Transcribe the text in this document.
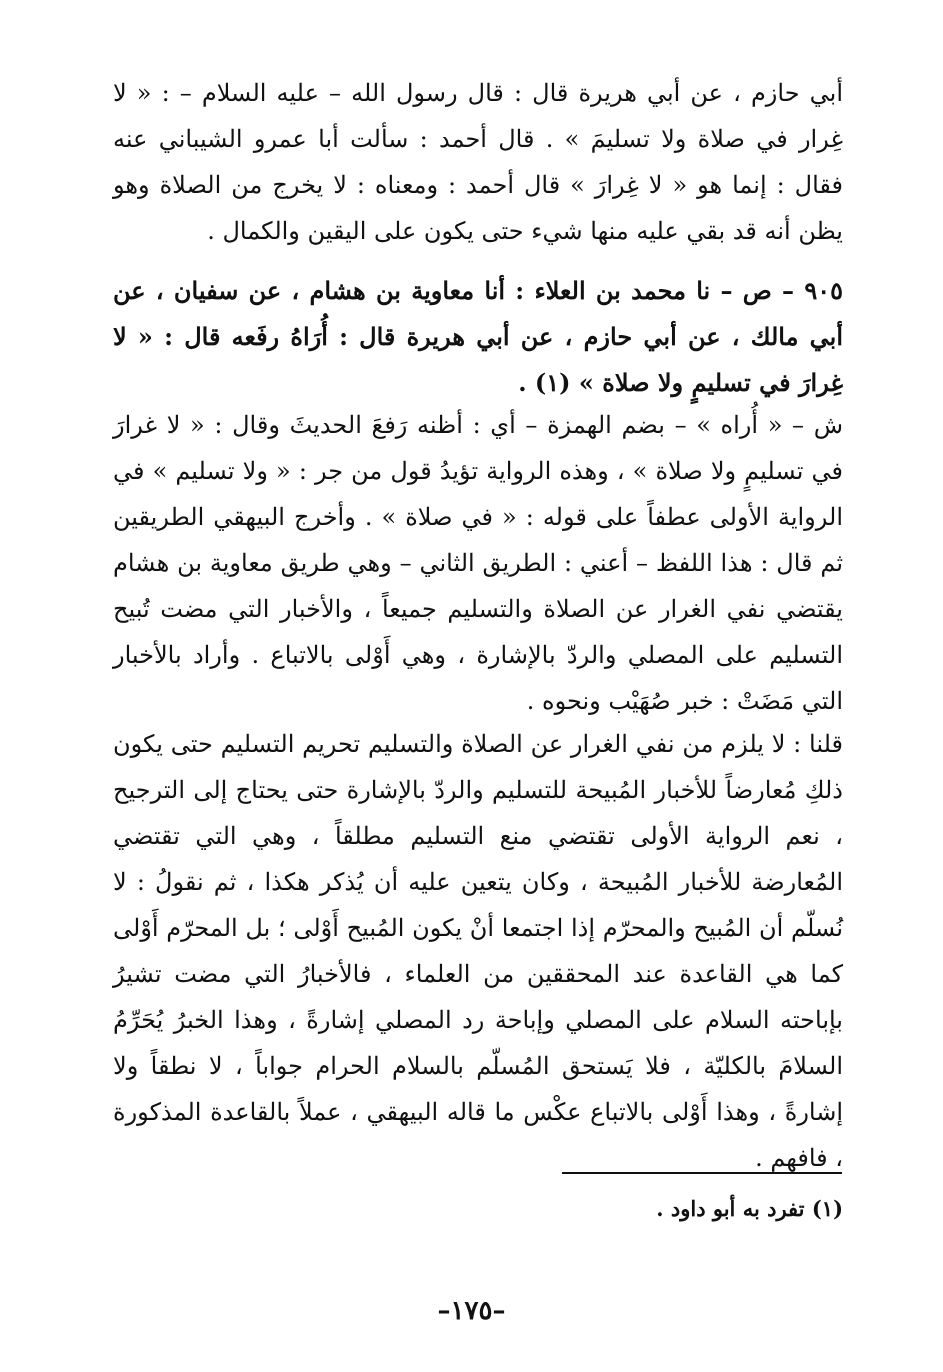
أبي حازم ، عن أبي هريرة قال : قال رسول الله – عليه السلام – : « لا غِرار في صلاة ولا تسليمَ » . قال أحمد : سألت أبا عمرو الشيباني عنه فقال : إنما هو « لا غِرارَ » قال أحمد : ومعناه : لا يخرج من الصلاة وهو يظن أنه قد بقي عليه منها شيء حتى يكون على اليقين والكمال .

٩٠٥ – ص – نا محمد بن العلاء : أنا معاوية بن هشام ، عن سفيان ، عن أبي مالك ، عن أبي حازم ، عن أبي هريرة قال : أُرَاهُ رفَعه قال : « لا غِرارَ في تسليمٍ ولا صلاة » (١) .

ش – « أُراه » – بضم الهمزة – أي : أظنه رَفعَ الحديثَ وقال : « لا غرارَ في تسليمٍ ولا صلاة » ، وهذه الرواية تؤيدُ قول من جر : « ولا تسليم » في الرواية الأولى عطفاً على قوله : « في صلاة » . وأخرج البيهقي الطريقين ثم قال : هذا اللفظ – أعني : الطريق الثاني – وهي طريق معاوية بن هشام يقتضي نفي الغرار عن الصلاة والتسليم جميعاً ، والأخبار التي مضت تُبيح التسليم على المصلي والردّ بالإشارة ، وهي أَوْلى بالاتباع . وأراد بالأخبار التي مَضَتْ : خبر صُهَيْب ونحوه .

قلنا : لا يلزم من نفي الغرار عن الصلاة والتسليم تحريم التسليم حتى يكون ذلكِ مُعارضاً للأخبار المُبيحة للتسليم والردّ بالإشارة حتى يحتاج إلى الترجيح ، نعم الرواية الأولى تقتضي منع التسليم مطلقاً ، وهي التي تقتضي المُعارضة للأخبار المُبيحة ، وكان يتعين عليه أن يُذكر هكذا ، ثم نقولُ : لا نُسلّم أن المُبيح والمحرّم إذا اجتمعا أنْ يكون المُبيح أَوْلى ؛ بل المحرّم أَوْلى كما هي القاعدة عند المحققين من العلماء ، فالأخبارُ التي مضت تشيرُ بإباحته السلام على المصلي وإباحة رد المصلي إشارةً ، وهذا الخبرُ يُحَرِّمُ السلامَ بالكليّة ، فلا يَستحق المُسلّم بالسلام الحرام جواباً ، لا نطقاً ولا إشارةً ، وهذا أَوْلى بالاتباع عكْس ما قاله البيهقي ، عملاً بالقاعدة المذكورة ، فافهم .

(١) تفرد به أبو داود .
–١٧٥–
